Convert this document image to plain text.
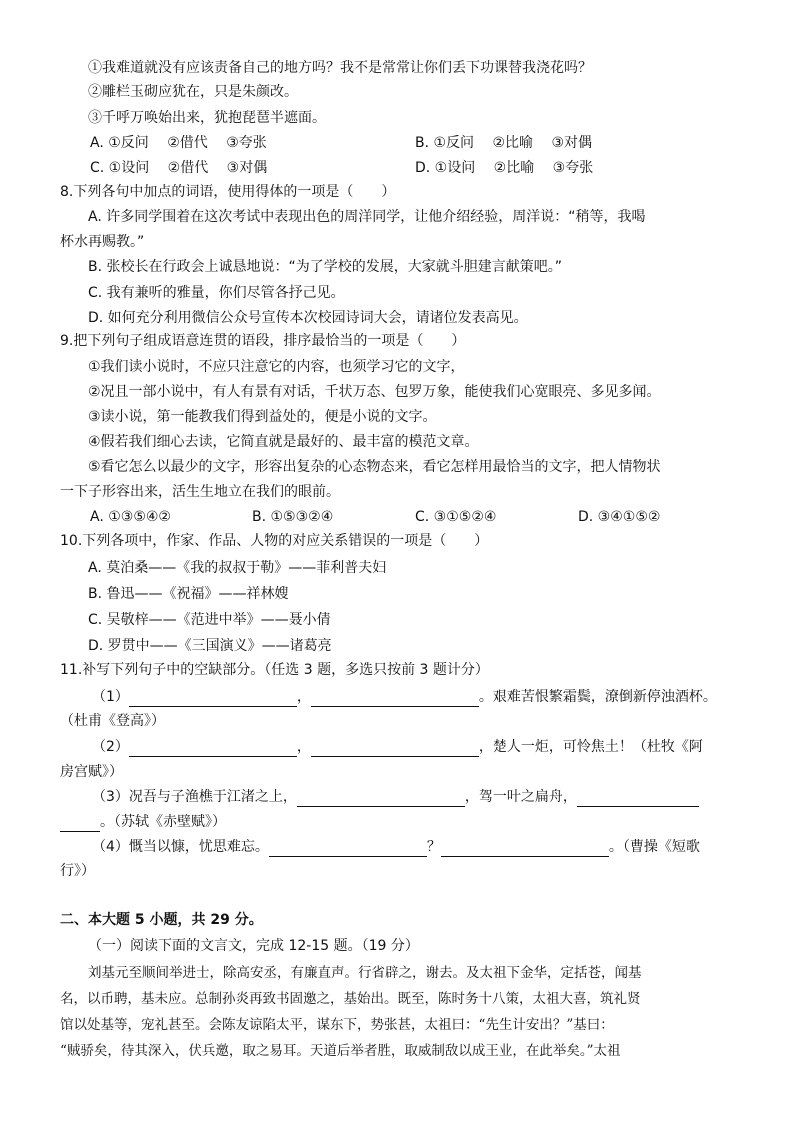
①我难道就没有应该责备自己的地方吗？我不是常常让你们丢下功课替我浇花吗？
②雕栏玉砌应犹在，只是朱颜改。
③千呼万唤始出来，犹抱琵琶半遮面。
A. ①反问　 ②借代　 ③夸张	B. ①反问　 ②比喻　 ③对偶
C. ①设问　 ②借代　 ③对偶	D. ①设问　 ②比喻　 ③夸张
8.下列各句中加点的词语，使用得体的一项是（　　）
A. 许多同学围着在这次考试中表现出色的周洋同学，让他介绍经验，周洋说：“稍等，我喝
杯水再赐教。”
B. 张校长在行政会上诚恳地说：“为了学校的发展，大家就斗胆建言献策吧。”
C. 我有兼听的雅量，你们尽管各抒己见。
D. 如何充分利用微信公众号宣传本次校园诗词大会，请诸位发表高见。
9.把下列句子组成语意连贯的语段，排序最恰当的一项是（　　）
①我们读小说时，不应只注意它的内容，也须学习它的文字，
②况且一部小说中，有人有景有对话，千状万态、包罗万象，能使我们心宽眼亮、多见多闻。
③读小说，第一能教我们得到益处的，便是小说的文字。
④假若我们细心去读，它简直就是最好的、最丰富的模范文章。
⑤看它怎么以最少的文字，形容出复杂的心态物态来，看它怎样用最恰当的文字，把人情物状
一下子形容出来，活生生地立在我们的眼前。
A. ①③⑤④②	B. ①⑤③②④	C. ③①⑤②④	D. ③④①⑤②
10.下列各项中，作家、作品、人物的对应关系错误的一项是（　　）
A. 莫泊桑——《我的叔叔于勒》——菲利普夫妇
B. 鲁迅——《祝福》——祥林嫂
C. 吴敬梓——《范进中举》——聂小倩
D. 罗贯中——《三国演义》——诸葛亮
11.补写下列句子中的空缺部分。（任选 3 题，多选只按前 3 题计分）
（1）	，	。艰难苦恨繁霜鬓，潦倒新停浊酒杯。
（杜甫《登高》）
（2）	，	，楚人一炬，可怜焦土！（杜牧《阿
房宫赋》）
（3）况吾与子渔樵于江渚之上，	，驾一叶之扁舟，
。（苏轼《赤壁赋》）
（4）慨当以慷，忧思难忘。	？	。（曹操《短歌
行》）
二、本大题 5 小题，共 29 分。
（一）阅读下面的文言文，完成 12-15 题。（19 分）
刘基元至顺间举进士，除高安丞，有廉直声。行省辟之，谢去。及太祖下金华，定括苍，闻基
名，以币聘，基未应。总制孙炎再致书固邀之，基始出。既至，陈时务十八策，太祖大喜，筑礼贤
馆以处基等，宠礼甚至。会陈友谅陷太平，谋东下，势张甚，太祖曰：“先生计安出？”基曰：
“贼骄矣，待其深入，伏兵邀，取之易耳。天道后举者胜，取威制敌以成王业，在此举矣。”太祖
